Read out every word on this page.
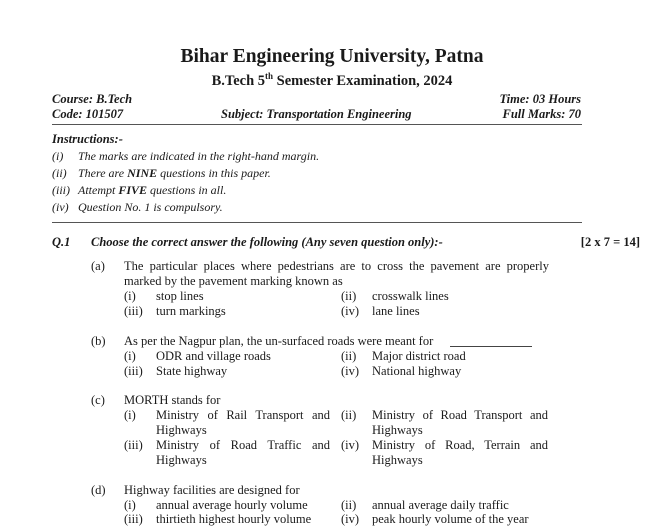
Bihar Engineering University, Patna
B.Tech 5th Semester Examination, 2024
Course: B.Tech
Code: 101507	Subject: Transportation Engineering
Time: 03 Hours
Full Marks: 70
Instructions:-
(i) The marks are indicated in the right-hand margin.
(ii) There are NINE questions in this paper.
(iii) Attempt FIVE questions in all.
(iv) Question No. 1 is compulsory.
Q.1 Choose the correct answer the following (Any seven question only):-	[2 x 7 = 14]
(a) The particular places where pedestrians are to cross the pavement are properly
marked by the pavement marking known as
(i) stop lines	(ii) crosswalk lines
(iii) turn markings	(iv) lane lines
(b) As per the Nagpur plan, the un-surfaced roads were meant for
(i) ODR and village roads	(ii) Major district road
(iii) State highway	(iv) National highway
(c) MORTH stands for
(i) Ministry of Rail Transport and
Highways
(ii) Ministry of Road Transport and
Highways
(iii) Ministry of Road Traffic and
Highways
(iv) Ministry of Road, Terrain and
Highways
(d) Highway facilities are designed for
(i) annual average hourly volume	(ii) annual average daily traffic
(iii) thirtieth highest hourly volume (iv) peak hourly volume of the year
